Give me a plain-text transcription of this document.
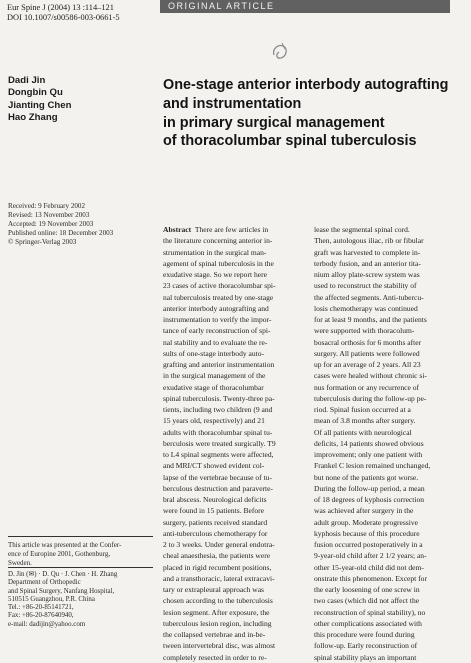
Eur Spine J (2004) 13 :114–121
DOI 10.1007/s00586-003-0661-5
ORIGINAL ARTICLE
Dadi Jin
Dongbin Qu
Jianting Chen
Hao Zhang
One-stage anterior interbody autografting
and instrumentation
in primary surgical management
of thoracolumbar spinal tuberculosis
Received: 9 February 2002
Revised: 13 November 2003
Accepted: 19 November 2003
Published online: 18 December 2003
© Springer-Verlag 2003
Abstract There are few articles in
the literature concerning anterior in-
strumentation in the surgical man-
agement of spinal tuberculosis in the
exudative stage. So we report here
23 cases of active thoracolumbar spi-
nal tuberculosis treated by one-stage
anterior interbody autografting and
instrumentation to verify the impor-
tance of early reconstruction of spi-
nal stability and to evaluate the re-
sults of one-stage interbody auto-
grafting and anterior instrumentation
in the surgical management of the
exudative stage of thoracolumbar
spinal tuberculosis. Twenty-three pa-
tients, including two children (9 and
15 years old, respectively) and 21
adults with thoracolumbar spinal tu-
berculosis were treated surgically. T9
to L4 spinal segments were affected,
and MRI/CT showed evident col-
lapse of the vertebrae because of tu-
berculous destruction and paraverte-
bral abscess. Neurological deficits
were found in 15 patients. Before
surgery, patients received standard
anti-tuberculous chemotherapy for
2 to 3 weeks. Under general endotra-
cheal anaesthesia, the patients were
placed in rigid recumbent positions,
and a transthoracic, lateral extracavi-
tary or extrapleural approach was
chosen according to the tuberculosis
lesion segment. After exposure, the
tuberculous lesion region, including
the collapsed vertebrae and in-be-
tween intervertebral disc, was almost
completely resected in order to re-
lease the segmental spinal cord.
Then, autologous iliac, rib or fibular
graft was harvested to complete in-
terbody fusion, and an anterior tita-
nium alloy plate-screw system was
used to reconstruct the stability of
the affected segments. Anti-tubercu-
losis chemotherapy was continued
for at least 9 months, and the patients
were supported with thoracolum-
bosacral orthosis for 6 months after
surgery. All patients were followed
up for an average of 2 years. All 23
cases were healed without chronic si-
nus formation or any recurrence of
tuberculosis during the follow-up pe-
riod. Spinal fusion occurred at a
mean of 3.8 months after surgery.
Of all patients with neurological
deficits, 14 patients showed obvious
improvement; only one patient with
Frankel C lesion remained unchanged,
but none of the patients got worse.
During the follow-up period, a mean
of 18 degrees of kyphosis correction
was achieved after surgery in the
adult group. Moderate progressive
kyphosis because of this procedure
fusion occurred postoperatively in a
9-year-old child after 2 1/2 years; an-
other 15-year-old child did not dem-
onstrate this phenomenon. Except for
the early loosening of one screw in
two cases (which did not affect the
reconstruction of spinal stability), no
other complications associated with
this procedure were found during
follow-up. Early reconstruction of
spinal stability plays an important
This article was presented at the Confer-
ence of Europine 2001, Gothenburg,
Sweden.
D. Jin (✉) · D. Qu · J. Chen · H. Zhang
Department of Orthopedic
and Spinal Surgery, Nanfang Hospital,
510515 Guangzhou, P.R. China
Tel.: +86-20-85141721,
Fax: +86-20-87640940,
e-mail: dadijin@yahoo.com
